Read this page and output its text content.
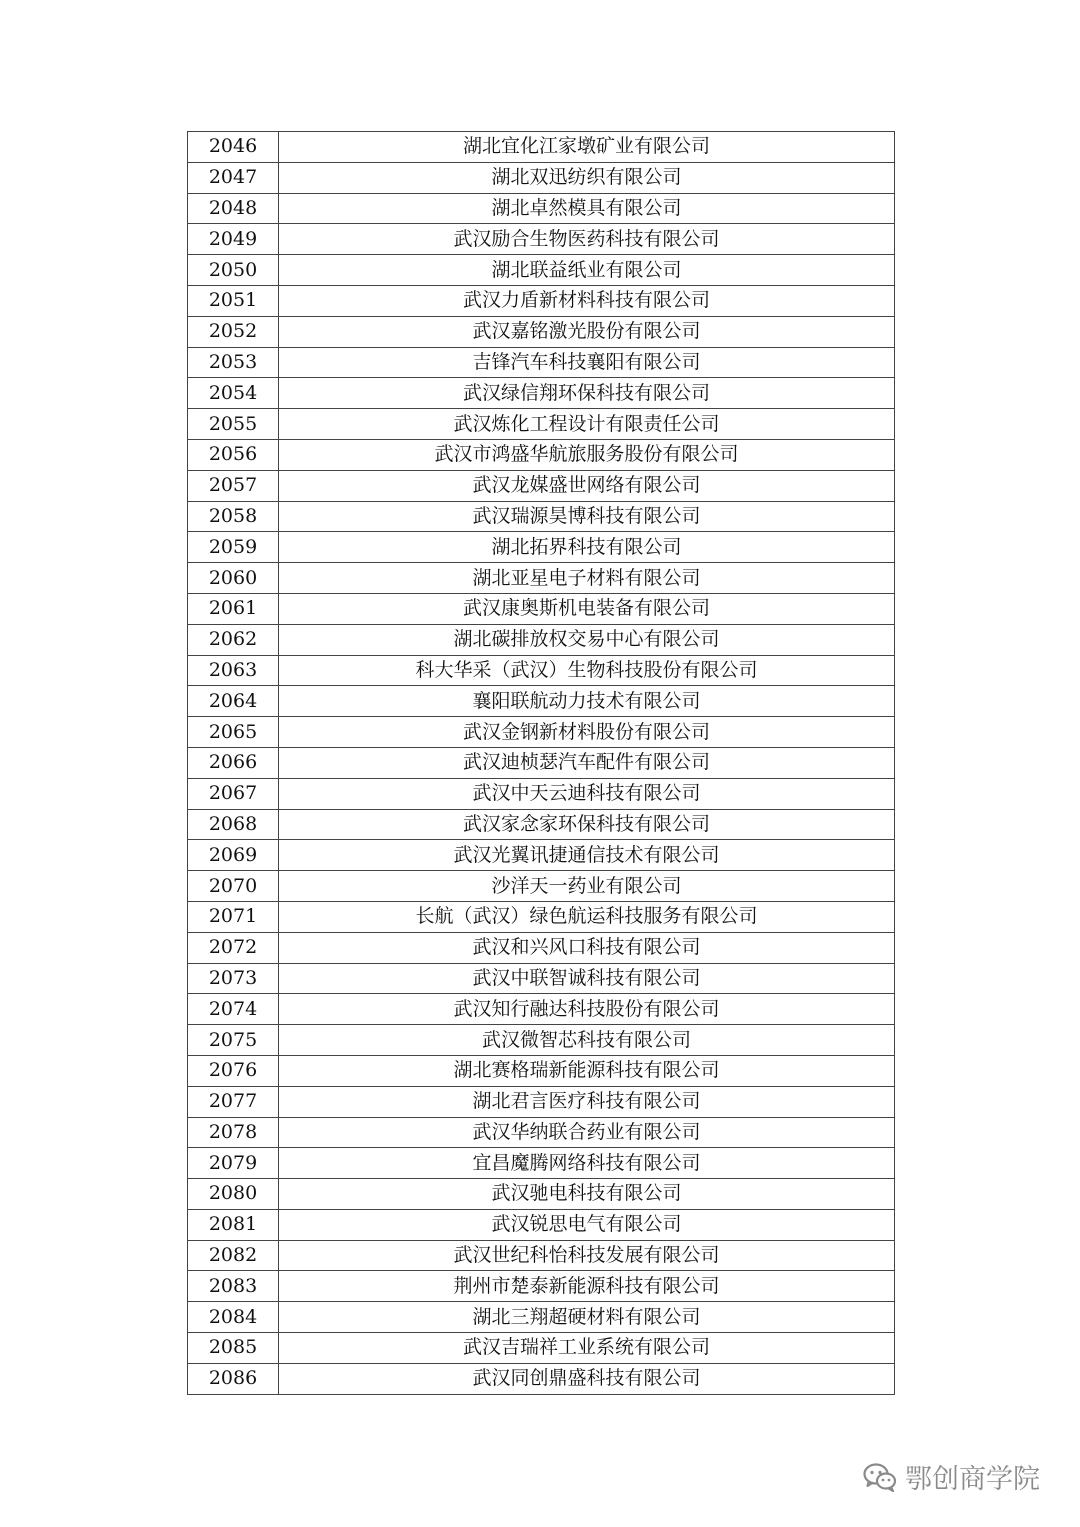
2046	湖北宜化江家墩矿业有限公司
2047	湖北双迅纺织有限公司
2048	湖北卓然模具有限公司
2049	武汉励合生物医药科技有限公司
2050	湖北联益纸业有限公司
2051	武汉力盾新材料科技有限公司
2052	武汉嘉铭激光股份有限公司
2053	吉锋汽车科技襄阳有限公司
2054	武汉绿信翔环保科技有限公司
2055	武汉炼化工程设计有限责任公司
2056	武汉市鸿盛华航旅服务股份有限公司
2057	武汉龙媒盛世网络有限公司
2058	武汉瑞源昊博科技有限公司
2059	湖北拓界科技有限公司
2060	湖北亚星电子材料有限公司
2061	武汉康奥斯机电装备有限公司
2062	湖北碳排放权交易中心有限公司
2063	科大华采（武汉）生物科技股份有限公司
2064	襄阳联航动力技术有限公司
2065	武汉金钢新材料股份有限公司
2066	武汉迪桢瑟汽车配件有限公司
2067	武汉中天云迪科技有限公司
2068	武汉家念家环保科技有限公司
2069	武汉光翼讯捷通信技术有限公司
2070	沙洋天一药业有限公司
2071	长航（武汉）绿色航运科技服务有限公司
2072	武汉和兴风口科技有限公司
2073	武汉中联智诚科技有限公司
2074	武汉知行融达科技股份有限公司
2075	武汉微智芯科技有限公司
2076	湖北赛格瑞新能源科技有限公司
2077	湖北君言医疗科技有限公司
2078	武汉华纳联合药业有限公司
2079	宜昌魔腾网络科技有限公司
2080	武汉驰电科技有限公司
2081	武汉锐思电气有限公司
2082	武汉世纪科怡科技发展有限公司
2083	荆州市楚泰新能源科技有限公司
2084	湖北三翔超硬材料有限公司
2085	武汉吉瑞祥工业系统有限公司
2086	武汉同创鼎盛科技有限公司
鄂创商学院
